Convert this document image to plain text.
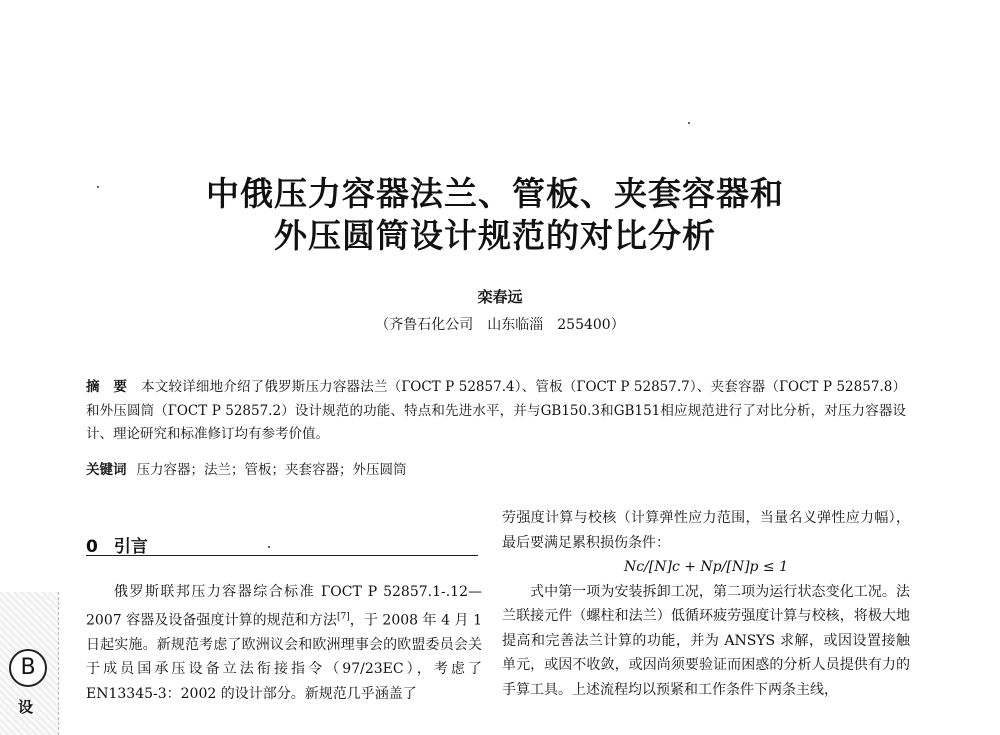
中俄压力容器法兰、管板、夹套容器和
外压圆筒设计规范的对比分析
栾春远
（齐鲁石化公司　山东临淄　255400）
摘　要 本文较详细地介绍了俄罗斯压力容器法兰（ГОСТ Р 52857.4）、管板（ГОСТ Р 52857.7）、夹套容器（ГОСТ Р 52857.8）和外压圆筒（ГОСТ Р 52857.2）设计规范的功能、特点和先进水平，并与GB150.3和GB151相应规范进行了对比分析，对压力容器设计、理论研究和标准修订均有参考价值。
关键词 压力容器；法兰；管板；夹套容器；外压圆筒
0 引言

俄罗斯联邦压力容器综合标准 ГОСТ Р 52857.1-.12—2007 容器及设备强度计算的规范和方法[7]，于 2008 年 4 月 1 日起实施。新规范考虑了欧洲议会和欧洲理事会的欧盟委员会关于成员国承压设备立法衔接指令（97/23EC），考虑了EN13345-3：2002 的设计部分。新规范几乎涵盖了

劳强度计算与校核（计算弹性应力范围，当量名义弹性应力幅），最后要满足累积损伤条件：

Nc/[N]c + Np/[N]p ≤ 1

式中第一项为安装拆卸工况，第二项为运行状态变化工况。法兰联接元件（螺柱和法兰）低循环疲劳强度计算与校核，将极大地提高和完善法兰计算的功能，并为 ANSYS 求解，或因设置接触单元，或因不收敛，或因尚须要验证而困惑的分析人员提供有力的手算工具。上述流程均以预紧和工作条件下两条主线，

B
设
